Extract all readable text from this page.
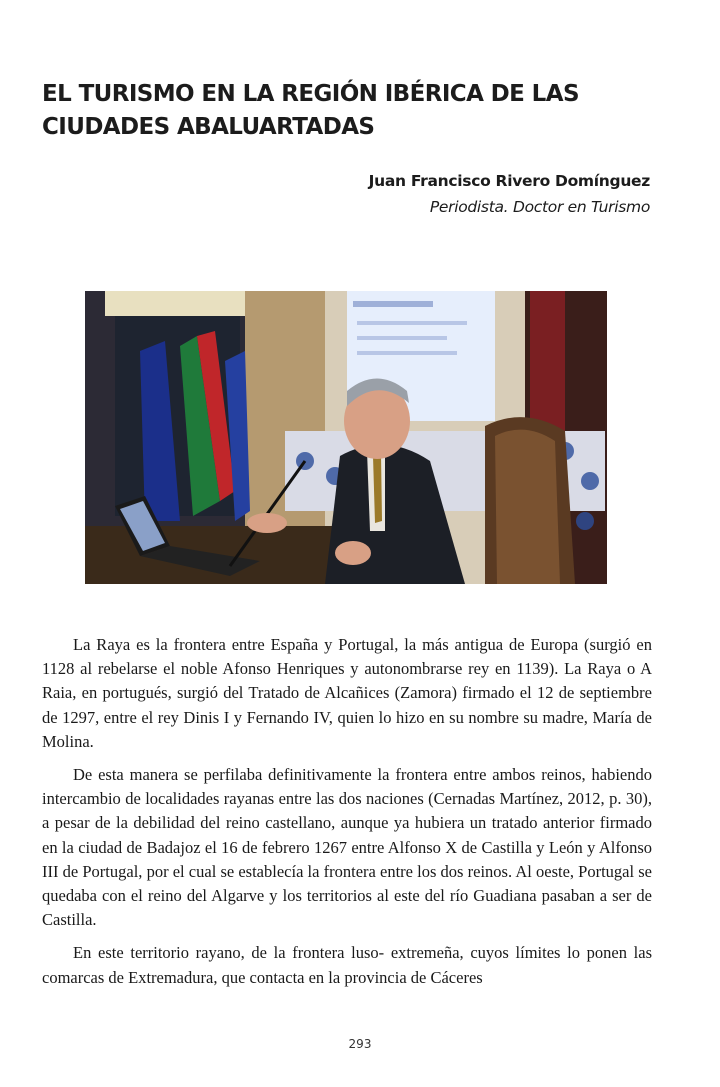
EL TURISMO EN LA REGIÓN IBÉRICA DE LAS
CIUDADES ABALUARTADAS
Juan Francisco Rivero Domínguez
Periodista. Doctor en Turismo

La Raya es la frontera entre España y Portugal, la más antigua de Europa (surgió en 1128 al rebelarse el noble Afonso Henriques y autonombrarse rey en 1139). La Raya o A Raia, en portugués, surgió del Tratado de Alcañices (Zamora) firmado el 12 de septiembre de 1297, entre el rey Dinis I y Fernando IV, quien lo hizo en su nombre su madre, María de Molina.

De esta manera se perfilaba definitivamente la frontera entre ambos reinos, habiendo intercambio de localidades rayanas entre las dos naciones (Cernadas Martínez, 2012, p. 30), a pesar de la debilidad del reino castellano, aunque ya hubiera un tratado anterior firmado en la ciudad de Badajoz el 16 de febrero 1267 entre Alfonso X de Castilla y León y Alfonso III de Portugal, por el cual se establecía la frontera entre los dos reinos. Al oeste, Portugal se quedaba con el reino del Algarve y los territorios al este del río Guadiana pasaban a ser de Castilla.

En este territorio rayano, de la frontera luso- extremeña, cuyos límites lo ponen las comarcas de Extremadura, que contacta en la provincia de Cáceres

293
